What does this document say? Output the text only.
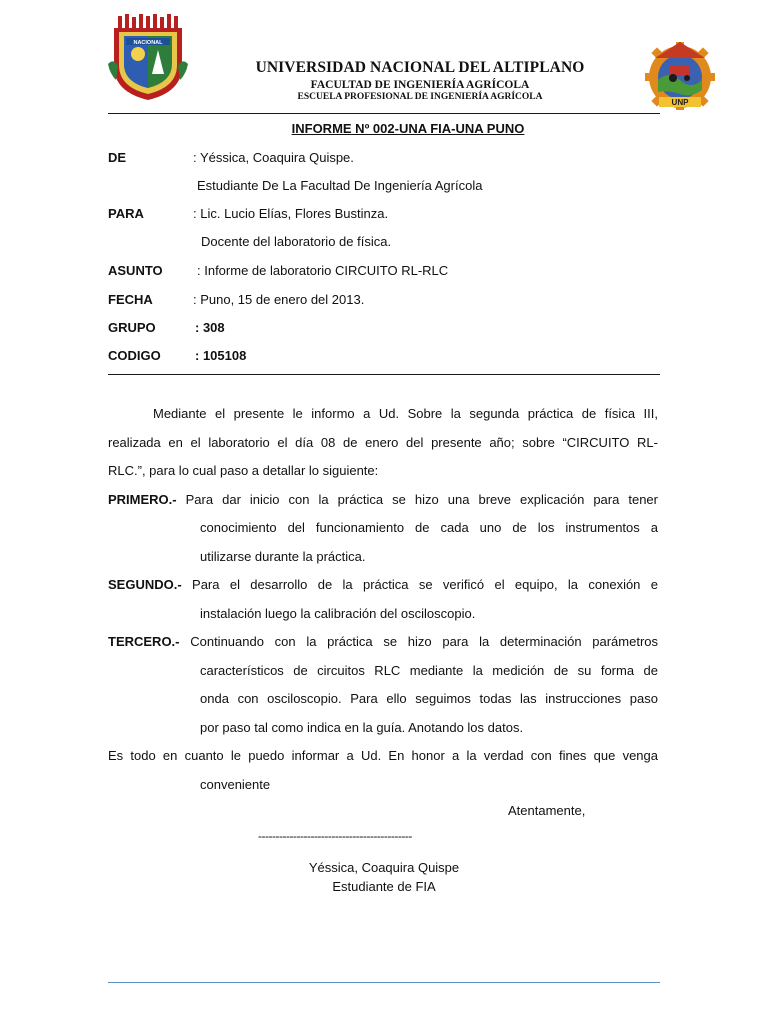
NACIONAL
UNIVERSIDAD NACIONAL DEL ALTIPLANO
FACULTAD DE INGENIERÍA AGRÍCOLA
ESCUELA PROFESIONAL DE INGENIERÍA AGRÍCOLA
UNP
INFORME Nº 002-UNA FIA-UNA PUNO
DE	: Yéssica, Coaquira Quispe.
Estudiante De La Facultad De Ingeniería Agrícola
PARA	: Lic. Lucio Elías, Flores Bustinza.
Docente del laboratorio de física.
ASUNTO	: Informe de laboratorio CIRCUITO RL-RLC
FECHA	: Puno, 15 de enero del 2013.
GRUPO	: 308
CODIGO	: 105108
Mediante el presente le informo a Ud. Sobre la segunda práctica de física III,
realizada en el laboratorio el día 08 de enero del presente año; sobre “CIRCUITO RL-
RLC.”, para lo cual paso a detallar lo siguiente:
PRIMERO.- Para dar inicio con la práctica se hizo una breve explicación para tener
conocimiento del funcionamiento de cada uno de los instrumentos a
utilizarse durante la práctica.
SEGUNDO.- Para el desarrollo de la práctica se verificó el equipo, la conexión e
instalación luego la calibración del osciloscopio.
TERCERO.- Continuando con la práctica se hizo para la determinación parámetros
característicos de circuitos RLC mediante la medición de su forma de
onda con osciloscopio. Para ello seguimos todas las instrucciones paso
por paso tal como indica en la guía. Anotando los datos.
Es todo en cuanto le puedo informar a Ud. En honor a la verdad con fines que venga
conveniente
Atentamente,
--------------------------------------------
Yéssica, Coaquira Quispe
Estudiante de FIA
